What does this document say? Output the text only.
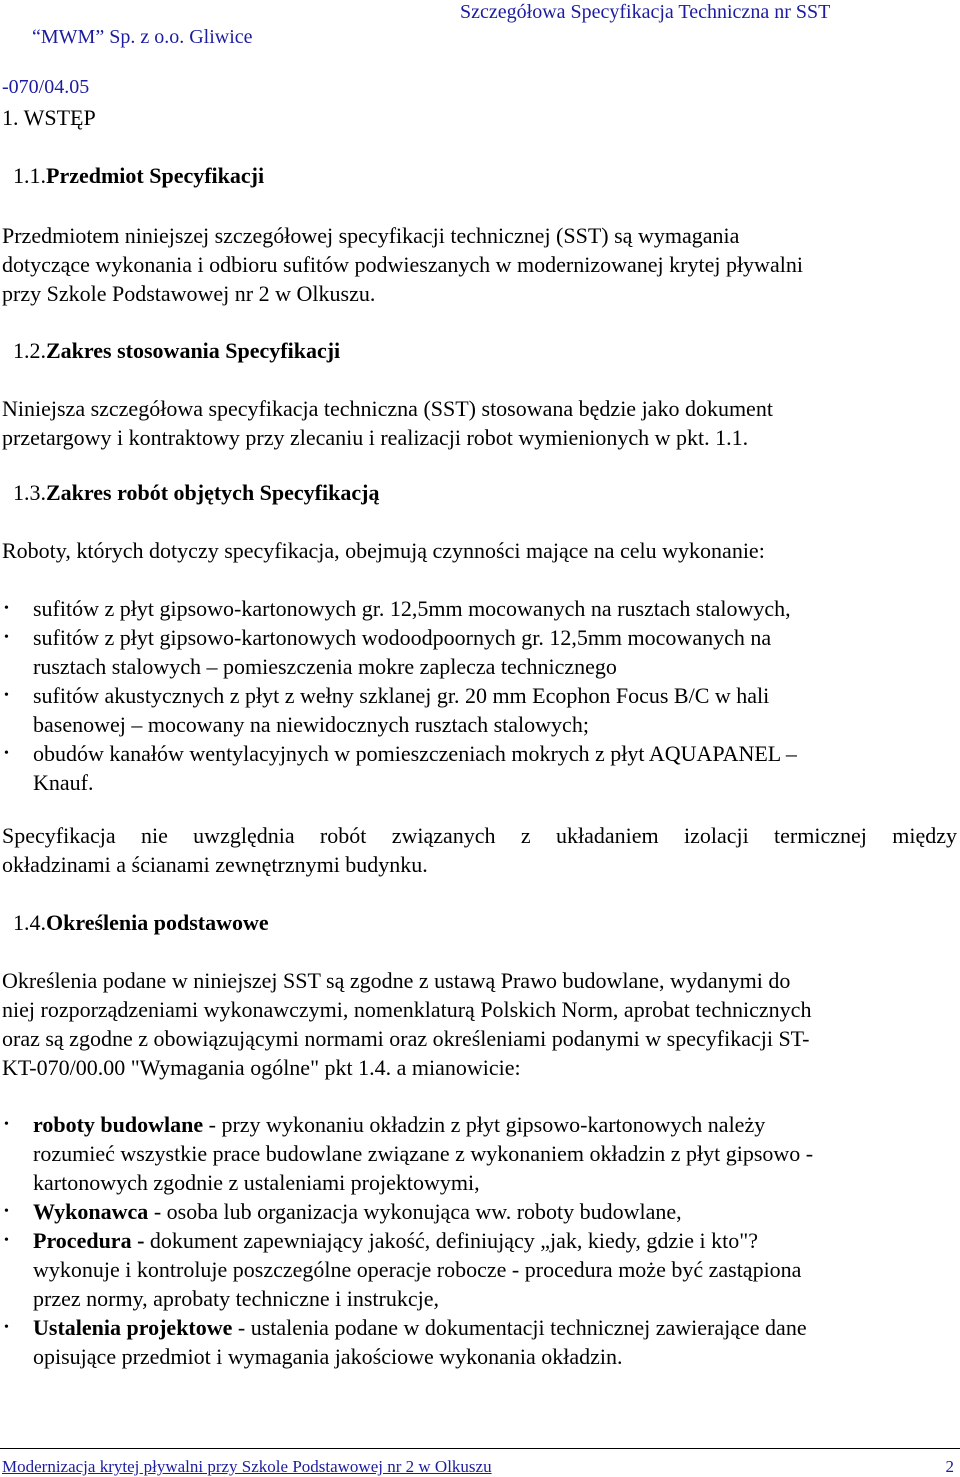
“MWM” Sp. z o.o. Gliwice

-070/04.05

Szczegółowa Specyfikacja Techniczna nr SST
1. WSTĘP
1.1.Przedmiot Specyfikacji
Przedmiotem niniejszej szczegółowej specyfikacji technicznej (SST) są wymagania
dotyczące wykonania i odbioru sufitów podwieszanych w modernizowanej krytej pływalni
przy Szkole Podstawowej nr 2 w Olkuszu.
1.2.Zakres stosowania Specyfikacji
Niniejsza szczegółowa specyfikacja techniczna (SST) stosowana będzie jako dokument
przetargowy i kontraktowy przy zlecaniu i realizacji robot wymienionych w pkt. 1.1.
1.3.Zakres robót objętych Specyfikacją
Roboty, których dotyczy specyfikacja, obejmują czynności mające na celu wykonanie:
• sufitów z płyt gipsowo-kartonowych gr. 12,5mm mocowanych na rusztach stalowych,
• sufitów z płyt gipsowo-kartonowych wodoodpoornych gr. 12,5mm mocowanych na
rusztach stalowych – pomieszczenia mokre zaplecza technicznego
• sufitów akustycznych z płyt z wełny szklanej gr. 20 mm Ecophon Focus B/C w hali
basenowej – mocowany na niewidocznych rusztach stalowych;
• obudów kanałów wentylacyjnych w pomieszczeniach mokrych z płyt AQUAPANEL –
Knauf.
Specyfikacja nie uwzględnia robót związanych z układaniem izolacji termicznej między
okładzinami a ścianami zewnętrznymi budynku.
1.4.Określenia podstawowe
Określenia podane w niniejszej SST są zgodne z ustawą Prawo budowlane, wydanymi do
niej rozporządzeniami wykonawczymi, nomenklaturą Polskich Norm, aprobat technicznych
oraz są zgodne z obowiązującymi normami oraz określeniami podanymi w specyfikacji ST-
KT-070/00.00 "Wymagania ogólne" pkt 1.4. a mianowicie:
• roboty budowlane - przy wykonaniu okładzin z płyt gipsowo-kartonowych należy
rozumieć wszystkie prace budowlane związane z wykonaniem okładzin z płyt gipsowo -
kartonowych zgodnie z ustaleniami projektowymi,
• Wykonawca - osoba lub organizacja wykonująca ww. roboty budowlane,
• Procedura - dokument zapewniający jakość, definiujący „jak, kiedy, gdzie i kto"?
wykonuje i kontroluje poszczególne operacje robocze - procedura może być zastąpiona
przez normy, aprobaty techniczne i instrukcje,
• Ustalenia projektowe - ustalenia podane w dokumentacji technicznej zawierające dane
opisujące przedmiot i wymagania jakościowe wykonania okładzin.
Modernizacja krytej pływalni przy Szkole Podstawowej nr 2 w Olkuszu	2
